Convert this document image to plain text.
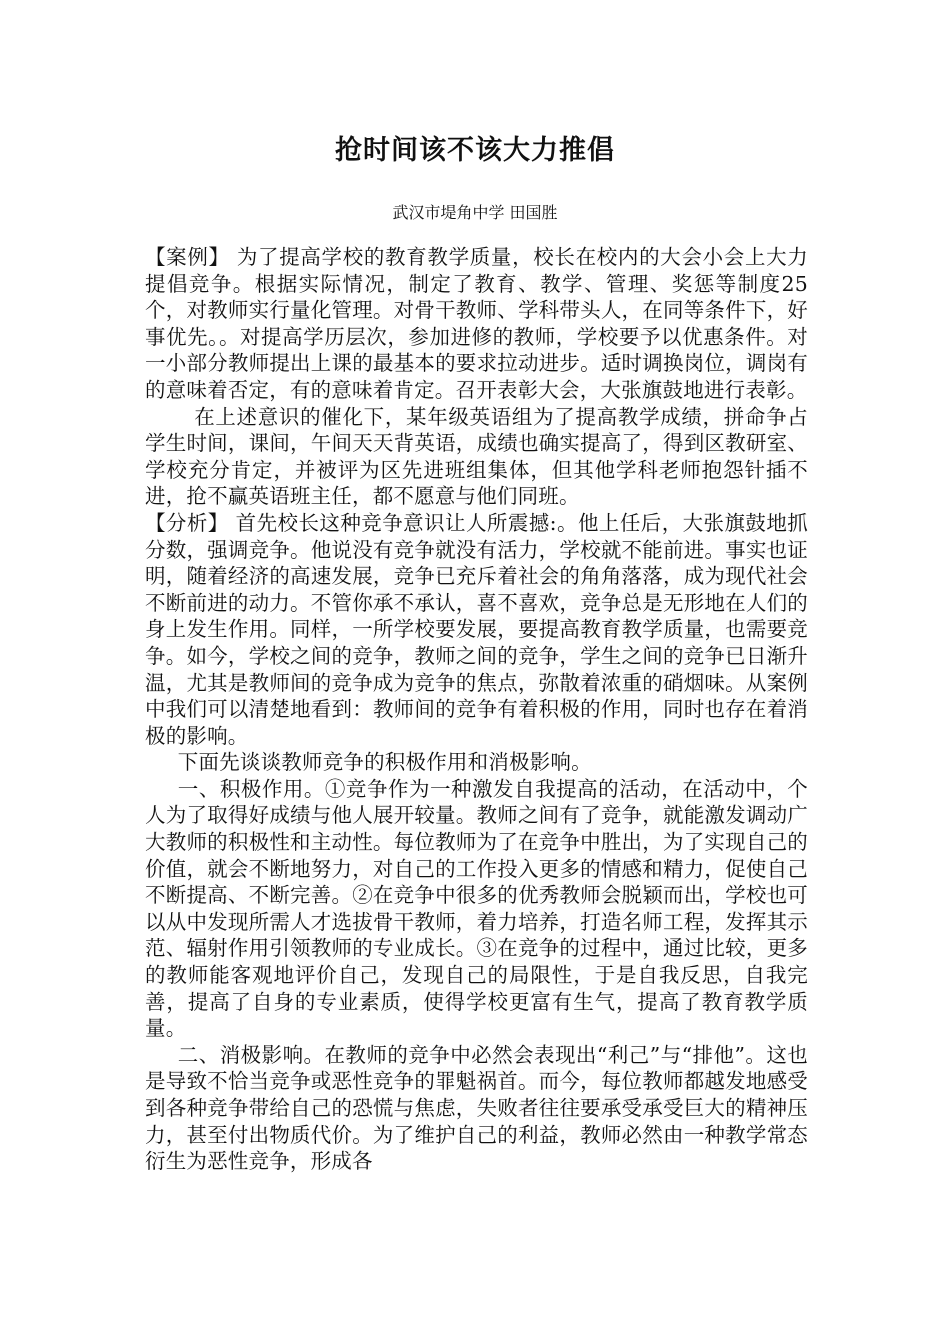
抢时间该不该大力推倡
武汉市堤角中学 田国胜

【案例】 为了提高学校的教育教学质量，校长在校内的大会小会上大力提倡竞争。根据实际情况，制定了教育、教学、管理、奖惩等制度25个，对教师实行量化管理。对骨干教师、学科带头人，在同等条件下，好事优先。。对提高学历层次，参加进修的教师，学校要予以优惠条件。对一小部分教师提出上课的最基本的要求拉动进步。适时调换岗位，调岗有的意味着否定，有的意味着肯定。召开表彰大会，大张旗鼓地进行表彰。

在上述意识的催化下，某年级英语组为了提高教学成绩，拼命争占学生时间，课间，午间天天背英语，成绩也确实提高了，得到区教研室、学校充分肯定，并被评为区先进班组集体，但其他学科老师抱怨针插不进，抢不赢英语班主任，都不愿意与他们同班。

【分析】 首先校长这种竞争意识让人所震撼:。他上任后，大张旗鼓地抓分数，强调竞争。他说没有竞争就没有活力，学校就不能前进。事实也证明，随着经济的高速发展，竞争已充斥着社会的角角落落，成为现代社会不断前进的动力。不管你承不承认，喜不喜欢，竞争总是无形地在人们的身上发生作用。同样，一所学校要发展，要提高教育教学质量，也需要竞争。如今，学校之间的竞争，教师之间的竞争，学生之间的竞争已日渐升温，尤其是教师间的竞争成为竞争的焦点，弥散着浓重的硝烟味。从案例中我们可以清楚地看到：教师间的竞争有着积极的作用，同时也存在着消极的影响。

下面先谈谈教师竞争的积极作用和消极影响。

一、积极作用。①竞争作为一种激发自我提高的活动，在活动中，个人为了取得好成绩与他人展开较量。教师之间有了竞争，就能激发调动广大教师的积极性和主动性。每位教师为了在竞争中胜出，为了实现自己的价值，就会不断地努力，对自己的工作投入更多的情感和精力，促使自己不断提高、不断完善。②在竞争中很多的优秀教师会脱颖而出，学校也可以从中发现所需人才选拔骨干教师，着力培养，打造名师工程，发挥其示范、辐射作用引领教师的专业成长。③在竞争的过程中，通过比较，更多的教师能客观地评价自己，发现自己的局限性，于是自我反思，自我完善，提高了自身的专业素质，使得学校更富有生气，提高了教育教学质量。

二、消极影响。在教师的竞争中必然会表现出“利己”与“排他”。这也是导致不恰当竞争或恶性竞争的罪魁祸首。而今，每位教师都越发地感受到各种竞争带给自己的恐慌与焦虑，失败者往往要承受承受巨大的精神压力，甚至付出物质代价。为了维护自己的利益，教师必然由一种教学常态衍生为恶性竞争，形成各
